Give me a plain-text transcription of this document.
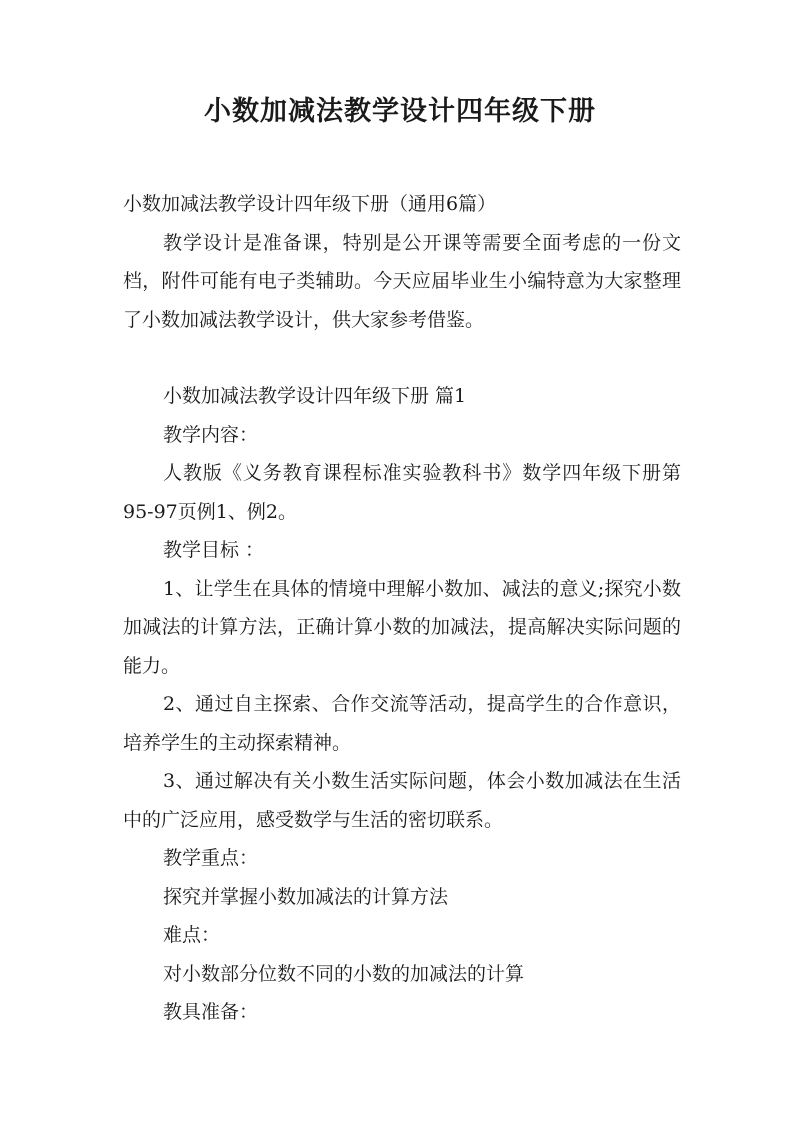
小数加减法教学设计四年级下册

小数加减法教学设计四年级下册（通用6篇）

教学设计是准备课，特别是公开课等需要全面考虑的一份文档，附件可能有电子类辅助。今天应届毕业生小编特意为大家整理了小数加减法教学设计，供大家参考借鉴。

小数加减法教学设计四年级下册 篇1

教学内容：

人教版《义务教育课程标准实验教科书》数学四年级下册第95-97页例1、例2。

教学目标 ：

1、让学生在具体的情境中理解小数加、减法的意义;探究小数加减法的计算方法，正确计算小数的加减法，提高解决实际问题的能力。

2、通过自主探索、合作交流等活动，提高学生的合作意识，培养学生的主动探索精神。

3、通过解决有关小数生活实际问题，体会小数加减法在生活中的广泛应用，感受数学与生活的密切联系。

教学重点：

探究并掌握小数加减法的计算方法

难点：

对小数部分位数不同的小数的加减法的计算

教具准备：
